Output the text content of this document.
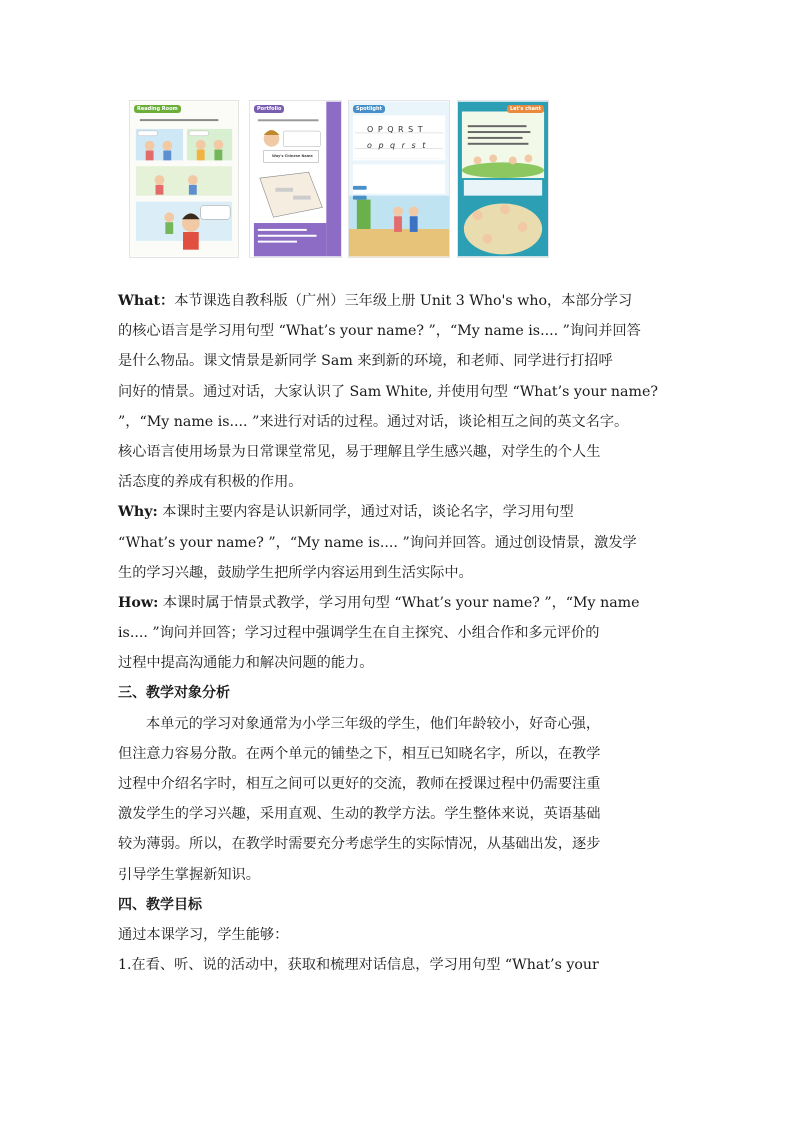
Reading Room	Portfolio
Way's Chinese Name
Spotlight
O P Q R S T
o p q r s t
Let's chant
What：本节课选自教科版（广州）三年级上册 Unit 3 Who's who，本部分学习
的核心语言是学习用句型 “What’s your name? ”，“My name is.... ”询问并回答
是什么物品。课文情景是新同学 Sam 来到新的环境，和老师、同学进行打招呼
问好的情景。通过对话，大家认识了 Sam White, 并使用句型 “What’s your name?
”，“My name is.... ”来进行对话的过程。通过对话，谈论相互之间的英文名字。
核心语言使用场景为日常课堂常见，易于理解且学生感兴趣，对学生的个人生
活态度的养成有积极的作用。
Why: 本课时主要内容是认识新同学，通过对话，谈论名字，学习用句型
“What’s your name? ”，“My name is.... ”询问并回答。通过创设情景，激发学
生的学习兴趣，鼓励学生把所学内容运用到生活实际中。
How: 本课时属于情景式教学，学习用句型 “What’s your name? ”，“My name
is.... ”询问并回答；学习过程中强调学生在自主探究、小组合作和多元评价的
过程中提高沟通能力和解决问题的能力。
三、教学对象分析
本单元的学习对象通常为小学三年级的学生，他们年龄较小，好奇心强，
但注意力容易分散。在两个单元的铺垫之下，相互已知晓名字，所以，在教学
过程中介绍名字时，相互之间可以更好的交流，教师在授课过程中仍需要注重
激发学生的学习兴趣，采用直观、生动的教学方法。学生整体来说，英语基础
较为薄弱。所以，在教学时需要充分考虑学生的实际情况，从基础出发，逐步
引导学生掌握新知识。
四、教学目标
通过本课学习，学生能够：
1.在看、听、说的活动中，获取和梳理对话信息，学习用句型 “What’s your
